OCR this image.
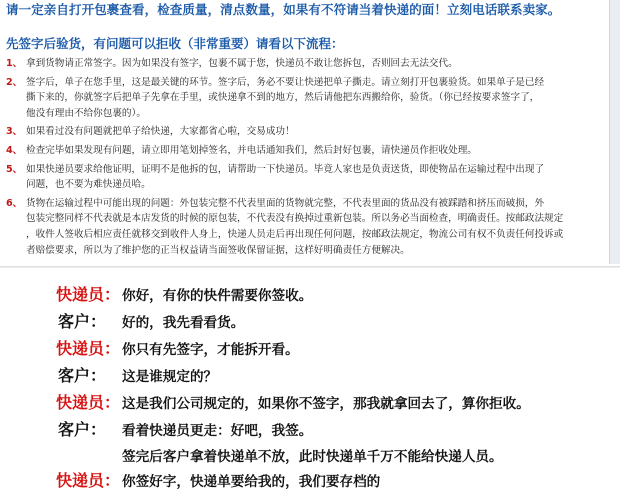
请一定亲自打开包裹查看，检查质量，清点数量，如果有不符请当着快递的面！立刻电话联系卖家。
先签字后验货，有问题可以拒收（非常重要）请看以下流程：
1、 拿到货物请正常签字。因为如果没有签字，包裹不属于您，快递员不敢让您拆包，否则回去无法交代。
2、 签字后，单子在您手里，这是最关键的环节。签字后，务必不要让快递把单子撕走。请立刻打开包裹验货。如果单子是已经
撕下来的，你就签字后把单子先拿在手里，或快递拿不到的地方，然后请他把东西搬给你，验货。（你已经按要求签字了，
他没有理由不给你包裹的）。
3、 如果看过没有问题就把单子给快递，大家都省心啦，交易成功！
4、 检查完毕如果发现有问题，请立即用笔划掉签名，并电话通知我们，然后封好包裹，请快递员作拒收处理。
5、 如果快递员要求给他证明，证明不是他拆的包，请帮助一下快递员。毕竟人家也是负责送货，即使物品在运输过程中出现了
问题，也不要为难快递员哈。
6、 货物在运输过程中可能出现的问题：外包装完整不代表里面的货物就完整，不代表里面的货品没有被踩踏和挤压而破损，外
包装完整同样不代表就是本店发货的时候的原包装，不代表没有换掉过重新包装。所以务必当面检查，明确责任。按邮政法规定
，收件人签收后相应责任就移交到收件人身上，快递人员走后再出现任何问题，按邮政法规定，物流公司有权不负责任何投诉或
者赔偿要求，所以为了维护您的正当权益请当面签收保留证据，这样好明确责任方便解决。
快递员： 你好，有你的快件需要你签收。
客户： 好的，我先看看货。
快递员： 你只有先签字，才能拆开看。
客户： 这是谁规定的？
快递员： 这是我们公司规定的，如果你不签字，那我就拿回去了，算你拒收。
客户： 看着快递员更走：好吧，我签。
签完后客户拿着快递单不放，此时快递单千万不能给快递人员。
快递员： 你签好字，快递单要给我的，我们要存档的
